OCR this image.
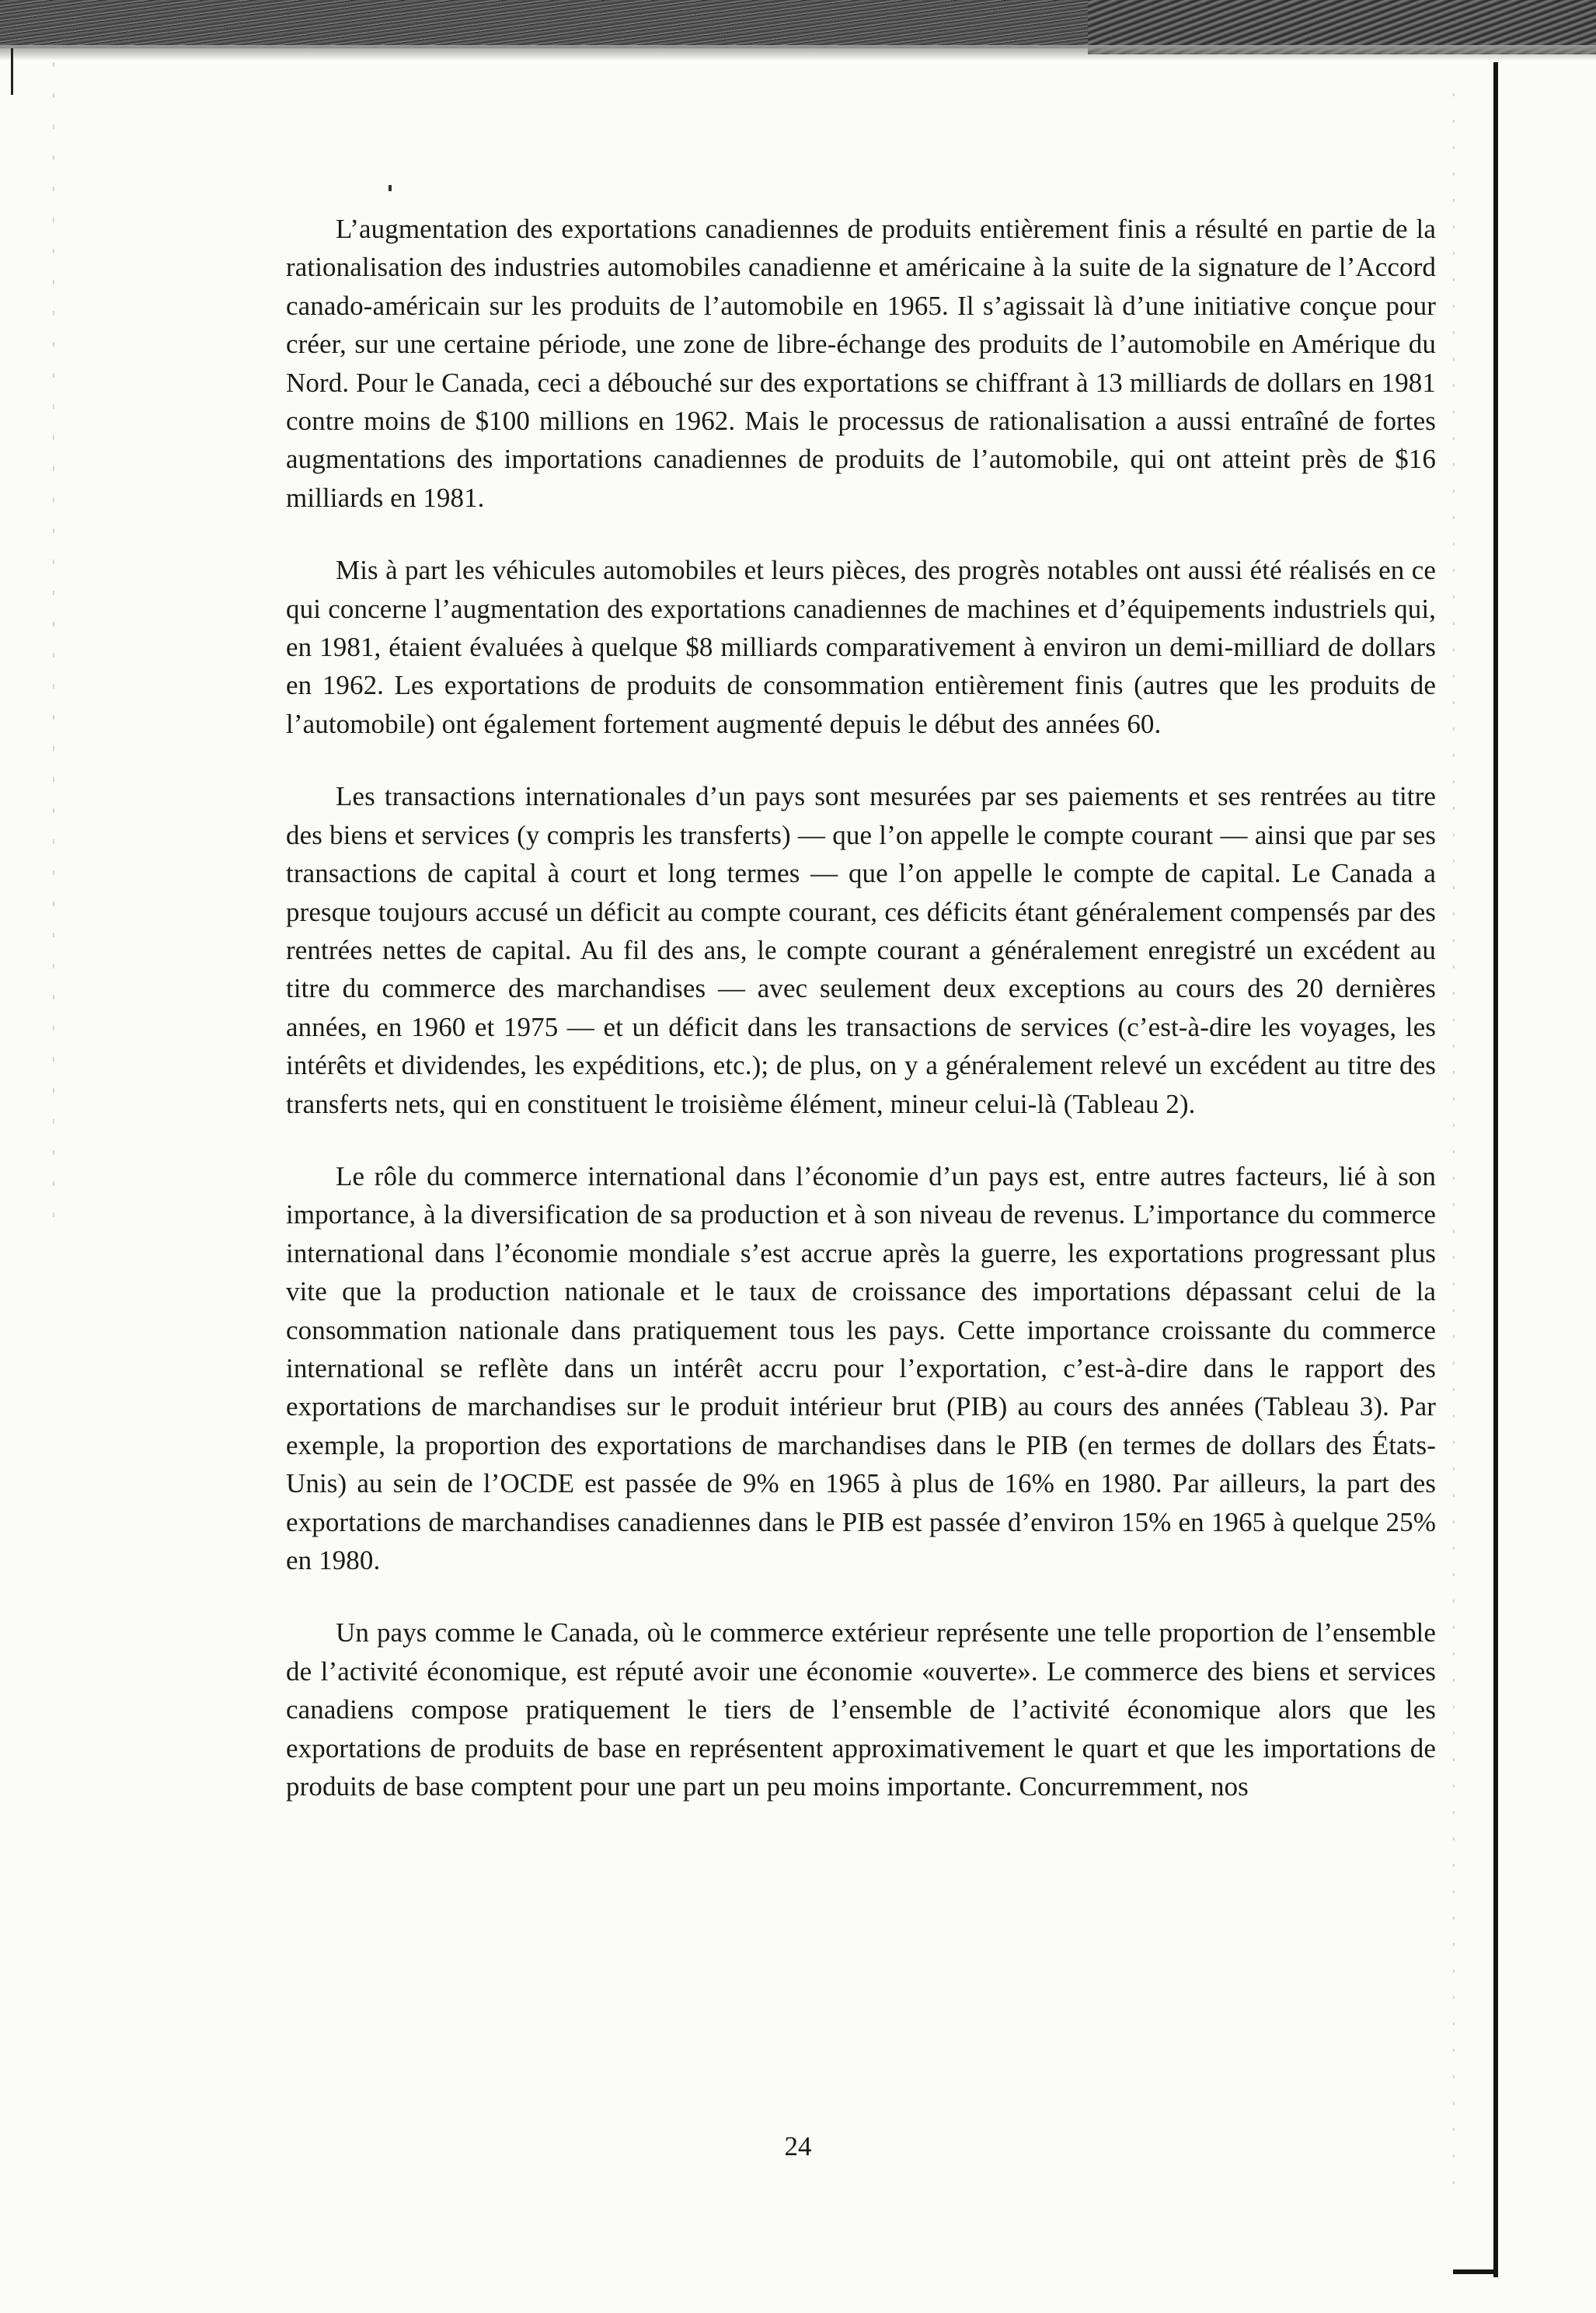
L’augmentation des exportations canadiennes de produits entièrement finis a résulté en partie de la rationalisation des industries automobiles canadienne et américaine à la suite de la signature de l’Accord canado-américain sur les produits de l’automobile en 1965. Il s’agissait là d’une initiative conçue pour créer, sur une certaine période, une zone de libre-échange des produits de l’automobile en Amérique du Nord. Pour le Canada, ceci a débouché sur des exportations se chiffrant à 13 milliards de dollars en 1981 contre moins de $100 millions en 1962. Mais le processus de rationalisation a aussi entraîné de fortes augmentations des importations canadiennes de produits de l’automobile, qui ont atteint près de $16 milliards en 1981.

Mis à part les véhicules automobiles et leurs pièces, des progrès notables ont aussi été réalisés en ce qui concerne l’augmentation des exportations canadiennes de machines et d’équipements industriels qui, en 1981, étaient évaluées à quelque $8 milliards comparativement à environ un demi-milliard de dollars en 1962. Les exportations de produits de consommation entièrement finis (autres que les produits de l’automobile) ont également fortement augmenté depuis le début des années 60.

Les transactions internationales d’un pays sont mesurées par ses paiements et ses rentrées au titre des biens et services (y compris les transferts) — que l’on appelle le compte courant — ainsi que par ses transactions de capital à court et long termes — que l’on appelle le compte de capital. Le Canada a presque toujours accusé un déficit au compte courant, ces déficits étant généralement compensés par des rentrées nettes de capital. Au fil des ans, le compte courant a généralement enregistré un excédent au titre du commerce des marchandises — avec seulement deux exceptions au cours des 20 dernières années, en 1960 et 1975 — et un déficit dans les transactions de services (c’est-à-dire les voyages, les intérêts et dividendes, les expéditions, etc.); de plus, on y a généralement relevé un excédent au titre des transferts nets, qui en constituent le troisième élément, mineur celui-là (Tableau 2).

Le rôle du commerce international dans l’économie d’un pays est, entre autres facteurs, lié à son importance, à la diversification de sa production et à son niveau de revenus. L’importance du commerce international dans l’économie mondiale s’est accrue après la guerre, les exportations progressant plus vite que la production nationale et le taux de croissance des importations dépassant celui de la consommation nationale dans pratiquement tous les pays. Cette importance croissante du commerce international se reflète dans un intérêt accru pour l’exportation, c’est-à-dire dans le rapport des exportations de marchandises sur le produit intérieur brut (PIB) au cours des années (Tableau 3). Par exemple, la proportion des exportations de marchandises dans le PIB (en termes de dollars des États-Unis) au sein de l’OCDE est passée de 9% en 1965 à plus de 16% en 1980. Par ailleurs, la part des exportations de marchandises canadiennes dans le PIB est passée d’environ 15% en 1965 à quelque 25% en 1980.

Un pays comme le Canada, où le commerce extérieur représente une telle proportion de l’ensemble de l’activité économique, est réputé avoir une économie «ouverte». Le commerce des biens et services canadiens compose pratiquement le tiers de l’ensemble de l’activité économique alors que les exportations de produits de base en représentent approximativement le quart et que les importations de produits de base comptent pour une part un peu moins importante. Concurremment, nos

24
